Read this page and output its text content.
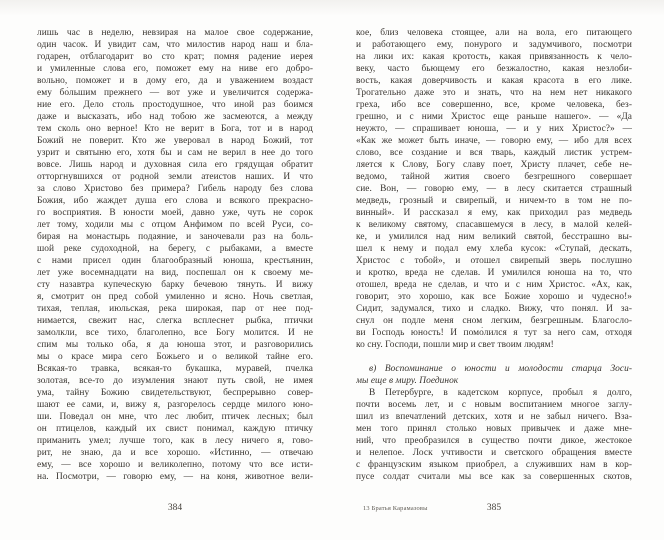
лишь час в неделю, невзирая на малое свое содержание,
один часок. И увидит сам, что милостив народ наш и бла-
годарен, отблагодарит во сто крат; помня радение иерея
и умиленные слова его, поможет ему на ниве его добро-
вольно, поможет и в дому его, да и уважением воздаст
ему бо́льшим прежнего — вот уже и увеличится содержа-
ние его. Дело столь простодушное, что иной раз боимся
даже и высказать, ибо над тобою же засмеются, а между
тем сколь оно верное! Кто не верит в Бога, тот и в народ
Божий не поверит. Кто же уверовал в народ Божий, тот
узрит и святыню его, хотя бы и сам не верил в нее до того
вовсе. Лишь народ и духовная сила его грядущая обратит
отторгнувшихся от родной земли атеистов наших. И что
за слово Христово без примера? Гибель народу без слова
Божия, ибо жаждет душа его слова и всякого прекрасно-
го восприятия. В юности моей, давно уже, чуть не сорок
лет тому, ходили мы с отцом Анфимом по всей Руси, со-
бирая на монастырь подаяние, и заночевали раз на боль-
шой реке судоходной, на берегу, с рыбаками, а вместе
с нами присел один благообразный юноша, крестьянин,
лет уже восемнадцати на вид, поспешал он к своему ме-
сту назавтра купеческую барку бечевою тянуть. И вижу
я, смотрит он пред собой умиленно и ясно. Ночь светлая,
тихая, теплая, июльская, река широкая, пар от нее под-
нимается, свежит нас, слегка всплеснет рыбка, птички
замолкли, все тихо, благолепно, все Богу молится. И не
спим мы только оба, я да юноша этот, и разговорились
мы о красе мира сего Божьего и о великой тайне его.
Всякая-то травка, всякая-то букашка, муравей, пчелка
золотая, все-то до изумления знают путь свой, не имея
ума, тайну Божию свидетельствуют, беспрерывно совер-
шают ее сами, и, вижу я, разгорелось сердце милого юно-
ши. Поведал он мне, что лес любит, птичек лесных; был
он птицелов, каждый их свист понимал, каждую птичку
приманить умел; лучше того, как в лесу ничего я, гово-
рит, не знаю, да и все хорошо. «Истинно, — отвечаю
ему, — все хорошо и великолепно, потому что все исти-
на. Посмотри, — говорю ему, — на коня, животное вели-
кое, близ человека стоящее, али на вола, его питающего
и работающего ему, понурого и задумчивого, посмотри
на лики их: какая кротость, какая привязанность к чело-
веку, часто бьющему его безжалостно, какая незлоби-
вость, какая доверчивость и какая красота в его лике.
Трогательно даже это и знать, что на нем нет никакого
греха, ибо все совершенно, все, кроме человека, без-
грешно, и с ними Христос еще раньше нашего». — «Да
неужто, — спрашивает юноша, — и у них Христос?» —
«Как же может быть иначе, — говорю ему, — ибо для всех
слово, все создание и вся тварь, каждый листик устрем-
ляется к Слову, Богу славу поет, Христу плачет, себе не-
ведомо, тайной жития своего безгрешного совершает
сие. Вон, — говорю ему, — в лесу скитается страшный
медведь, грозный и свирепый, и ничем-то в том не по-
винный». И рассказал я ему, как приходил раз медведь
к великому святому, спасавшемуся в лесу, в малой келей-
ке, и умилился над ним великий святой, бесстрашно вы-
шел к нему и подал ему хлеба кусок: «Ступай, дескать,
Христос с тобой», и отошел свирепый зверь послушно
и кротко, вреда не сделав. И умилился юноша на то, что
отошел, вреда не сделав, и что и с ним Христос. «Ах, как,
говорит, это хорошо, как все Божие хорошо и чудесно!»
Сидит, задумался, тихо и сладко. Вижу, что понял. И за-
снул он подле меня сном легким, безгрешным. Благосло-
ви Господь юность! И помо́лился я тут за него сам, отходя
ко сну. Господи, пошли мир и свет твоим людям!
в) Воспоминание о юности и молодости старца Зоси-
мы еще в миру. Поединок
В Петербурге, в кадетском корпусе, пробыл я долго,
почти восемь лет, и с новым воспитанием многое заглу-
шил из впечатлений детских, хотя и не забыл ничего. Вза-
мен того принял столько новых привычек и даже мне-
ний, что преобразился в существо почти дикое, жестокое
и нелепое. Лоск учтивости и светского обращения вместе
с французским языком приобрел, а служивших нам в кор-
пусе солдат считали мы все как за совершенных скотов,
384	13 Братья Карамазовы	385
